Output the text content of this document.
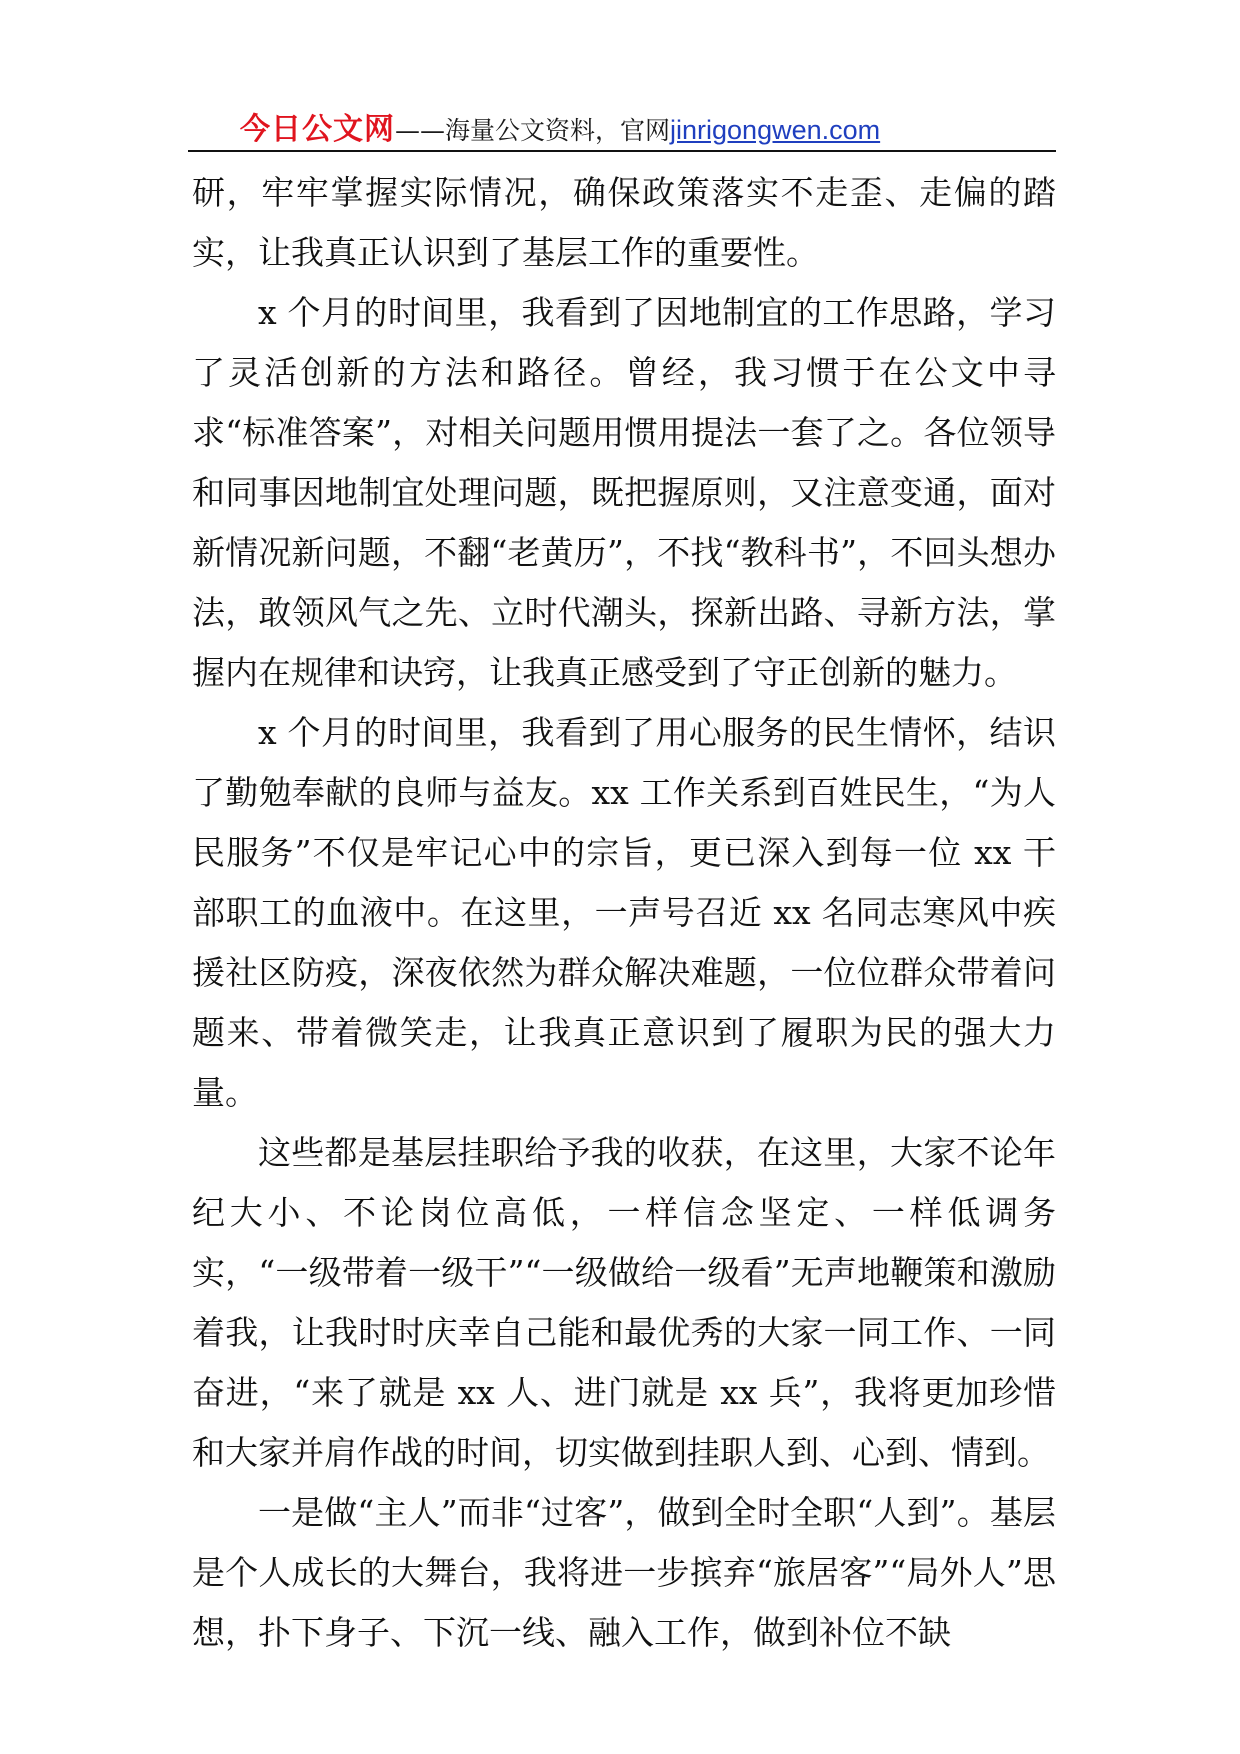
今日公文网 ——海量公文资料，官网 jinrigongwen.com

研，牢牢掌握实际情况，确保政策落实不走歪、走偏的踏实，让我真正认识到了基层工作的重要性。

x 个月的时间里，我看到了因地制宜的工作思路，学习了灵活创新的方法和路径。曾经，我习惯于在公文中寻求“标准答案”，对相关问题用惯用提法一套了之。各位领导和同事因地制宜处理问题，既把握原则，又注意变通，面对新情况新问题，不翻“老黄历”，不找“教科书”，不回头想办法，敢领风气之先、立时代潮头，探新出路、寻新方法，掌握内在规律和诀窍，让我真正感受到了守正创新的魅力。

x 个月的时间里，我看到了用心服务的民生情怀，结识了勤勉奉献的良师与益友。xx 工作关系到百姓民生，“为人民服务”不仅是牢记心中的宗旨，更已深入到每一位 xx 干部职工的血液中。在这里，一声号召近 xx 名同志寒风中疾援社区防疫，深夜依然为群众解决难题，一位位群众带着问题来、带着微笑走，让我真正意识到了履职为民的强大力量。

这些都是基层挂职给予我的收获，在这里，大家不论年纪大小、不论岗位高低，一样信念坚定、一样低调务实，“一级带着一级干”“一级做给一级看”无声地鞭策和激励着我，让我时时庆幸自己能和最优秀的大家一同工作、一同奋进，“来了就是 xx 人、进门就是 xx 兵”，我将更加珍惜和大家并肩作战的时间，切实做到挂职人到、心到、情到。

一是做“主人”而非“过客”，做到全时全职“人到”。基层是个人成长的大舞台，我将进一步摈弃“旅居客”“局外人”思想，扑下身子、下沉一线、融入工作，做到补位不缺
